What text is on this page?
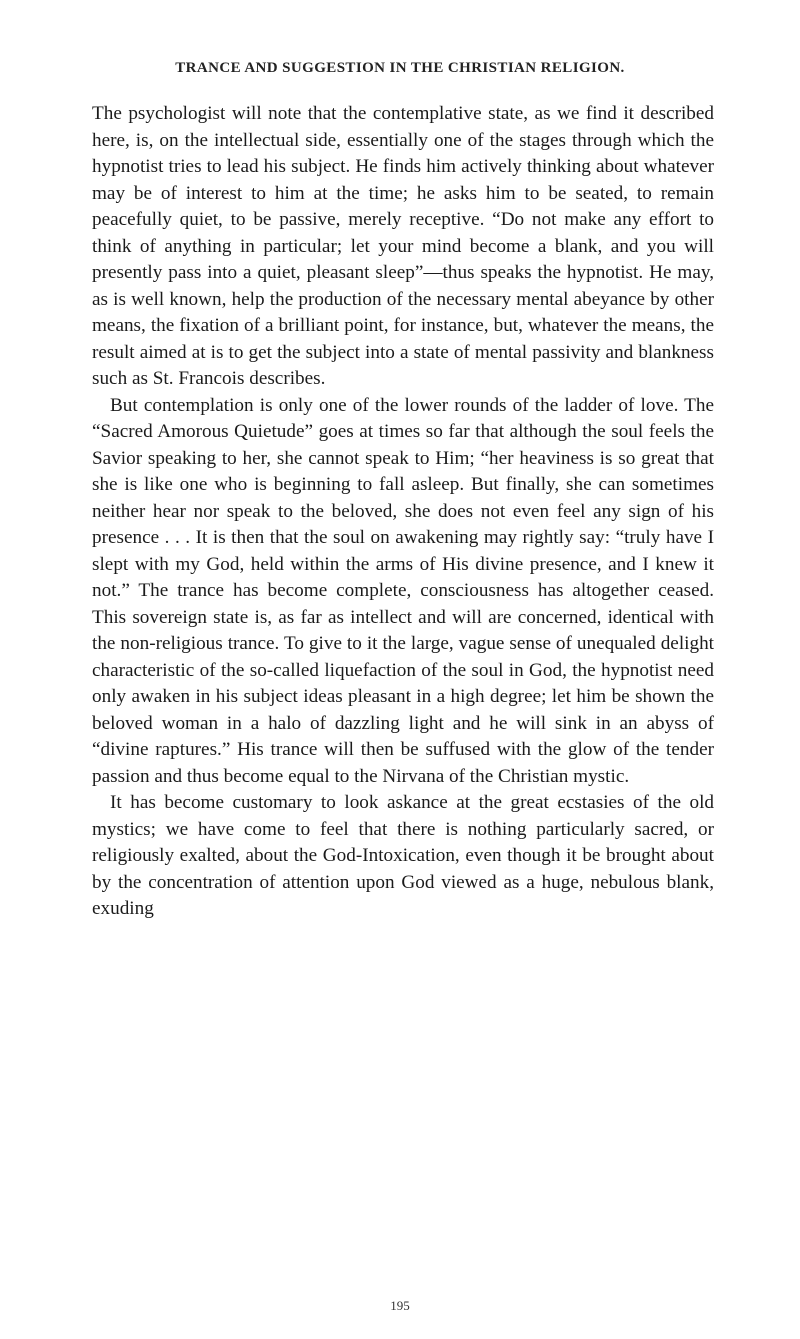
TRANCE AND SUGGESTION IN THE CHRISTIAN RELIGION.

The psychologist will note that the contemplative state, as we find it described here, is, on the intellectual side, essentially one of the stages through which the hypnotist tries to lead his subject. He finds him actively thinking about whatever may be of interest to him at the time; he asks him to be seated, to remain peacefully quiet, to be passive, merely receptive. “Do not make any effort to think of anything in particular; let your mind become a blank, and you will presently pass into a quiet, pleasant sleep”—thus speaks the hypnotist. He may, as is well known, help the production of the necessary mental abeyance by other means, the fixation of a brilliant point, for instance, but, whatever the means, the result aimed at is to get the subject into a state of mental passivity and blankness such as St. Francois describes.

But contemplation is only one of the lower rounds of the ladder of love. The “Sacred Amorous Quietude” goes at times so far that although the soul feels the Savior speaking to her, she cannot speak to Him; “her heaviness is so great that she is like one who is beginning to fall asleep. But finally, she can sometimes neither hear nor speak to the beloved, she does not even feel any sign of his presence . . . It is then that the soul on awakening may rightly say: “truly have I slept with my God, held within the arms of His divine presence, and I knew it not.” The trance has become complete, consciousness has altogether ceased. This sovereign state is, as far as intellect and will are concerned, identical with the non-religious trance. To give to it the large, vague sense of unequaled delight characteristic of the so-called liquefaction of the soul in God, the hypnotist need only awaken in his subject ideas pleasant in a high degree; let him be shown the beloved woman in a halo of dazzling light and he will sink in an abyss of “divine raptures.” His trance will then be suffused with the glow of the tender passion and thus become equal to the Nirvana of the Christian mystic.

It has become customary to look askance at the great ecstasies of the old mystics; we have come to feel that there is nothing particularly sacred, or religiously exalted, about the God-Intoxication, even though it be brought about by the concentration of attention upon God viewed as a huge, nebulous blank, exuding

195
